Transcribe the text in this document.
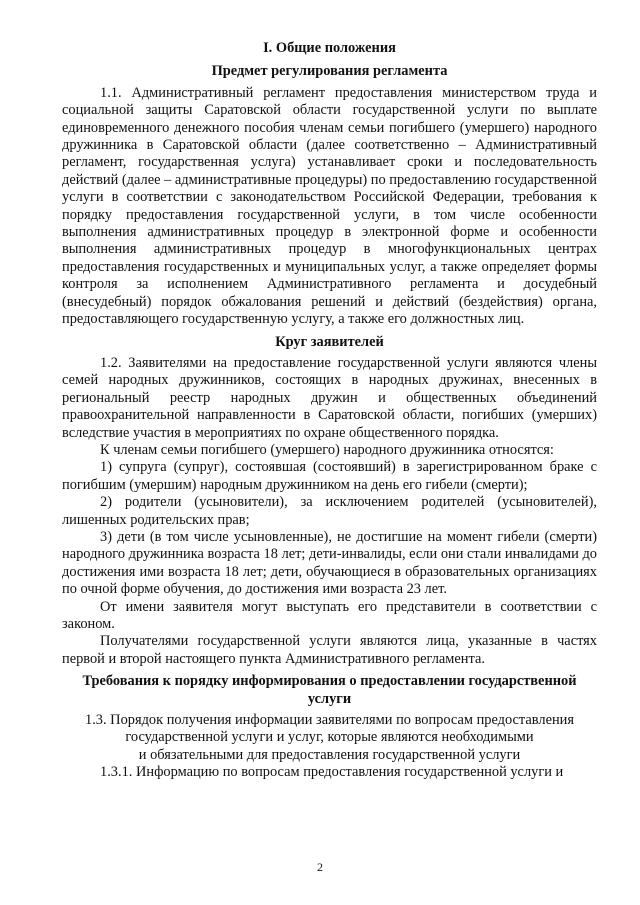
I. Общие положения
Предмет регулирования регламента

1.1. Административный регламент предоставления министерством труда и социальной защиты Саратовской области государственной услуги по выплате единовременного денежного пособия членам семьи погибшего (умершего) народного дружинника в Саратовской области (далее соответственно – Административный регламент, государственная услуга) устанавливает сроки и последовательность действий (далее – административные процедуры) по предоставлению государственной услуги в соответствии с законодательством Российской Федерации, требования к порядку предоставления государственной услуги, в том числе особенности выполнения административных процедур в электронной форме и особенности выполнения административных процедур в многофункциональных центрах предоставления государственных и муниципальных услуг, а также определяет формы контроля за исполнением Административного регламента и досудебный (внесудебный) порядок обжалования решений и действий (бездействия) органа, предоставляющего государственную услугу, а также его должностных лиц.

Круг заявителей

1.2. Заявителями на предоставление государственной услуги являются члены семей народных дружинников, состоящих в народных дружинах, внесенных в региональный реестр народных дружин и общественных объединений правоохранительной направленности в Саратовской области, погибших (умерших) вследствие участия в мероприятиях по охране общественного порядка.

К членам семьи погибшего (умершего) народного дружинника относятся:

1) супруга (супруг), состоявшая (состоявший) в зарегистрированном браке с погибшим (умершим) народным дружинником на день его гибели (смерти);

2) родители (усыновители), за исключением родителей (усыновителей), лишенных родительских прав;

3) дети (в том числе усыновленные), не достигшие на момент гибели (смерти) народного дружинника возраста 18 лет; дети-инвалиды, если они стали инвалидами до достижения ими возраста 18 лет; дети, обучающиеся в образовательных организациях по очной форме обучения, до достижения ими возраста 23 лет.

От имени заявителя могут выступать его представители в соответствии с законом.

Получателями государственной услуги являются лица, указанные в частях первой и второй настоящего пункта Административного регламента.

Требования к порядку информирования о предоставлении государственной услуги

1.3. Порядок получения информации заявителями по вопросам предоставления

государственной услуги и услуг, которые являются необходимыми

и обязательными для предоставления государственной услуги

1.3.1. Информацию по вопросам предоставления государственной услуги и

2
